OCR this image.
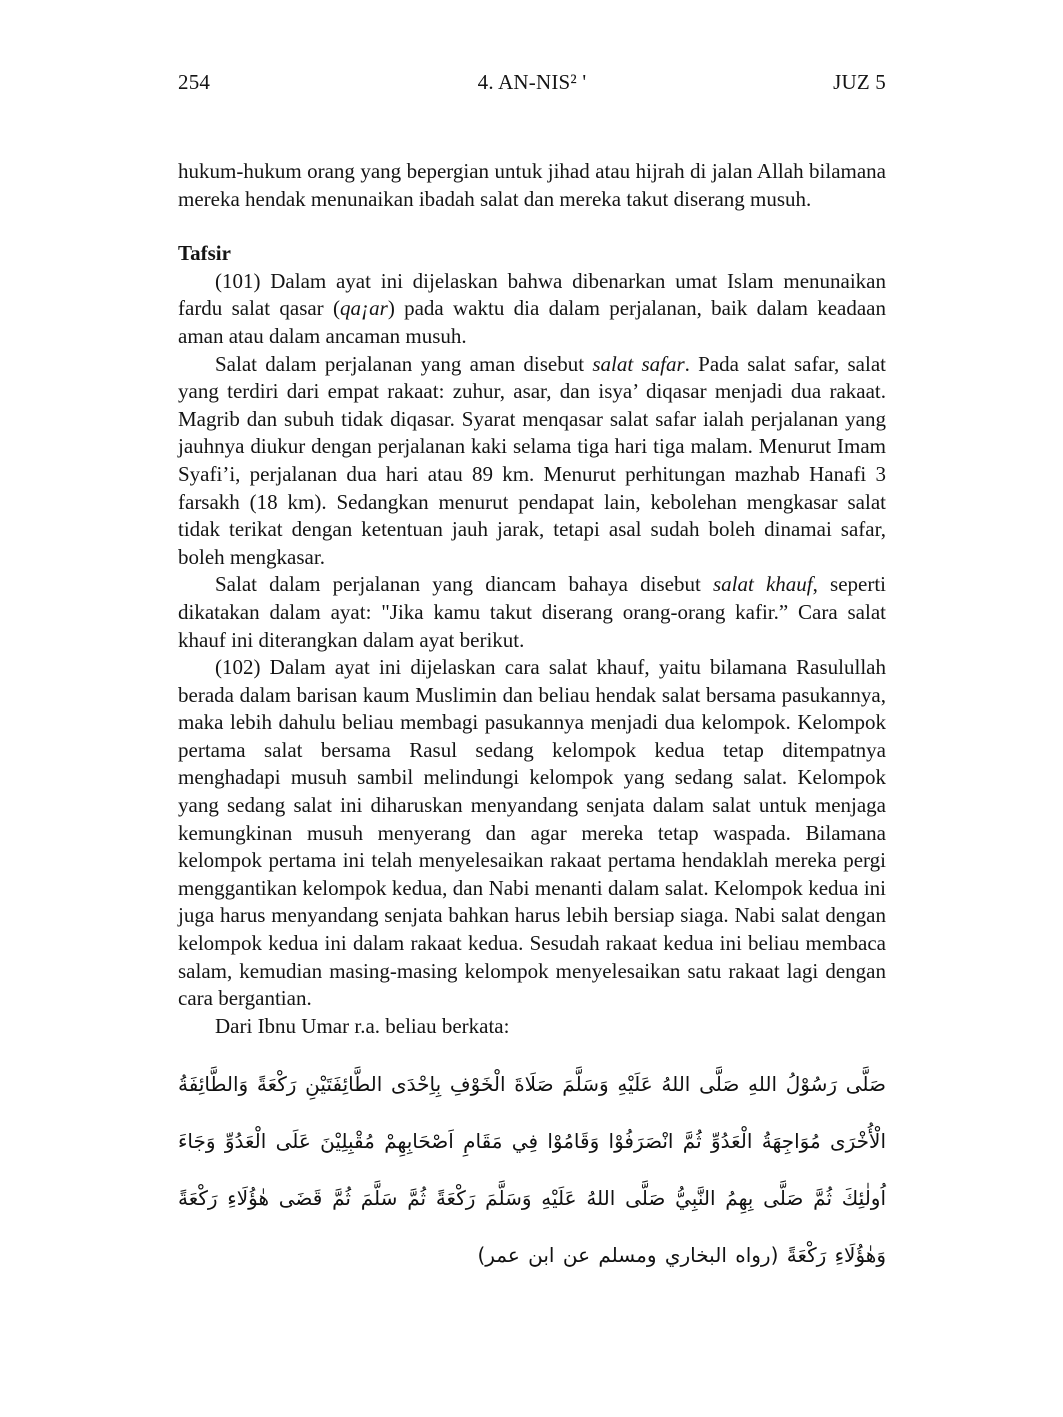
254	4. AN-NIS² '	JUZ 5

hukum-hukum orang yang bepergian untuk jihad atau hijrah di jalan Allah bilamana mereka hendak menunaikan ibadah salat dan mereka takut diserang musuh.

Tafsir

(101) Dalam ayat ini dijelaskan bahwa dibenarkan umat Islam menunaikan fardu salat qasar (qa¡ar) pada waktu dia dalam perjalanan, baik dalam keadaan aman atau dalam ancaman musuh.

Salat dalam perjalanan yang aman disebut salat safar. Pada salat safar, salat yang terdiri dari empat rakaat: zuhur, asar, dan isya’ diqasar menjadi dua rakaat. Magrib dan subuh tidak diqasar. Syarat menqasar salat safar ialah perjalanan yang jauhnya diukur dengan perjalanan kaki selama tiga hari tiga malam. Menurut Imam Syafi’i, perjalanan dua hari atau 89 km. Menurut perhitungan mazhab Hanafi 3 farsakh (18 km). Sedangkan menurut pendapat lain, kebolehan mengkasar salat tidak terikat dengan ketentuan jauh jarak, tetapi asal sudah boleh dinamai safar, boleh mengkasar.

Salat dalam perjalanan yang diancam bahaya disebut salat khauf, seperti dikatakan dalam ayat: "Jika kamu takut diserang orang-orang kafir.” Cara salat khauf ini diterangkan dalam ayat berikut.

(102) Dalam ayat ini dijelaskan cara salat khauf, yaitu bilamana Rasulullah berada dalam barisan kaum Muslimin dan beliau hendak salat bersama pasukannya, maka lebih dahulu beliau membagi pasukannya menjadi dua kelompok. Kelompok pertama salat bersama Rasul sedang kelompok kedua tetap ditempatnya menghadapi musuh sambil melindungi kelompok yang sedang salat. Kelompok yang sedang salat ini diharuskan menyandang senjata dalam salat untuk menjaga kemungkinan musuh menyerang dan agar mereka tetap waspada. Bilamana kelompok pertama ini telah menyelesaikan rakaat pertama hendaklah mereka pergi menggantikan kelompok kedua, dan Nabi menanti dalam salat. Kelompok kedua ini juga harus menyandang senjata bahkan harus lebih bersiap siaga. Nabi salat dengan kelompok kedua ini dalam rakaat kedua. Sesudah rakaat kedua ini beliau membaca salam, kemudian masing-masing kelompok menyelesaikan satu rakaat lagi dengan cara bergantian.

Dari Ibnu Umar r.a. beliau berkata:

صَلَّى رَسُوْلُ اللهِ صَلَّى اللهُ عَلَيْهِ وَسَلَّمَ صَلَاةَ الْخَوْفِ بِاِحْدَى الطَّائِفَتَيْنِ رَكْعَةً وَالطَّائِفَةُ
الْأُخْرَى مُوَاجِهَةُ الْعَدُوِّ ثُمَّ انْصَرَفُوْا وَقَامُوْا فِي مَقَامِ اَصْحَابِهِمْ مُقْبِلِيْنَ عَلَى الْعَدُوِّ وَجَاءَ
اُولٰئِكَ ثُمَّ صَلَّى بِهِمُ النَّبِيُّ صَلَّى اللهُ عَلَيْهِ وَسَلَّمَ رَكْعَةً ثُمَّ سَلَّمَ ثُمَّ قَضَى هٰؤُلَاءِ رَكْعَةً
وَهٰؤُلَاءِ رَكْعَةً (رواه البخاري ومسلم عن ابن عمر)
